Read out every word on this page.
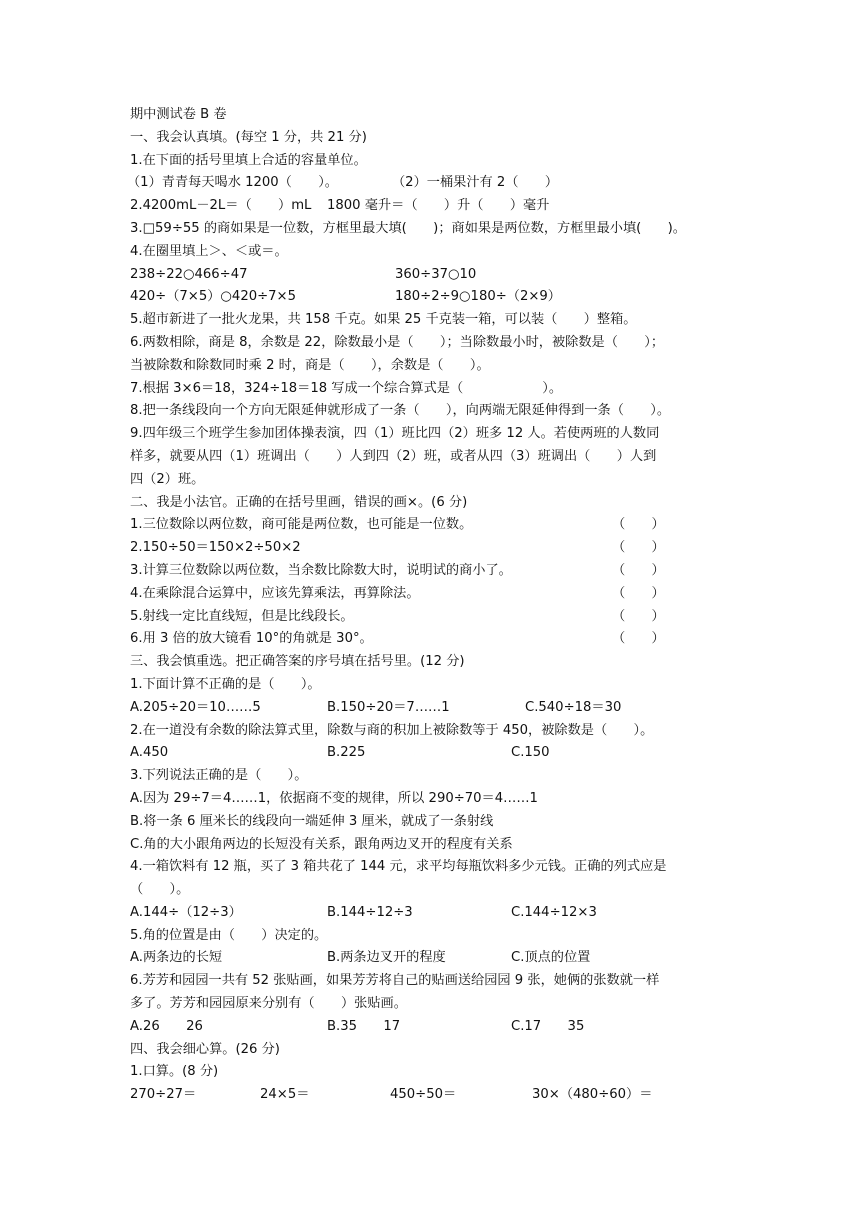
期中测试卷 B 卷
一、我会认真填。(每空 1 分，共 21 分)
1.在下面的括号里填上合适的容量单位。
（1）青青每天喝水 1200（　　）。	（2）一桶果汁有 2（　　）
2.4200mL－2L＝（　　）mL 1800 毫升＝（　　）升（　　）毫升
3.□59÷55 的商如果是一位数，方框里最大填(　　)；商如果是两位数，方框里最小填(　　)。
4.在圈里填上＞、＜或＝。
238÷22○466÷47	360÷37○10
420÷（7×5）○420÷7×5	180÷2÷9○180÷（2×9）
5.超市新进了一批火龙果，共 158 千克。如果 25 千克装一箱，可以装（　　）整箱。
6.两数相除，商是 8，余数是 22，除数最小是（　　）；当除数最小时，被除数是（　　）；
当被除数和除数同时乘 2 时，商是（　　），余数是（　　）。
7.根据 3×6＝18，324÷18＝18 写成一个综合算式是（　　　　　　）。
8.把一条线段向一个方向无限延伸就形成了一条（　　），向两端无限延伸得到一条（　　）。
9.四年级三个班学生参加团体操表演，四（1）班比四（2）班多 12 人。若使两班的人数同
样多，就要从四（1）班调出（　　）人到四（2）班，或者从四（3）班调出（　　）人到
四（2）班。
二、我是小法官。正确的在括号里画，错误的画×。(6 分)
1.三位数除以两位数，商可能是两位数，也可能是一位数。	（　　）
2.150÷50＝150×2÷50×2	（　　）
3.计算三位数除以两位数，当余数比除数大时，说明试的商小了。	（　　）
4.在乘除混合运算中，应该先算乘法，再算除法。	（　　）
5.射线一定比直线短，但是比线段长。	（　　）
6.用 3 倍的放大镜看 10°的角就是 30°。	（　　）
三、我会慎重选。把正确答案的序号填在括号里。(12 分)
1.下面计算不正确的是（　　）。
A.205÷20＝10……5	B.150÷20＝7……1	C.540÷18＝30
2.在一道没有余数的除法算式里，除数与商的积加上被除数等于 450，被除数是（　　）。
A.450	B.225	C.150
3.下列说法正确的是（　　）。
A.因为 29÷7＝4……1，依据商不变的规律，所以 290÷70＝4……1
B.将一条 6 厘米长的线段向一端延伸 3 厘米，就成了一条射线
C.角的大小跟角两边的长短没有关系，跟角两边叉开的程度有关系
4.一箱饮料有 12 瓶，买了 3 箱共花了 144 元，求平均每瓶饮料多少元钱。正确的列式应是
（　　）。
A.144÷（12÷3）	B.144÷12÷3	C.144÷12×3
5.角的位置是由（　　）决定的。
A.两条边的长短	B.两条边叉开的程度	C.顶点的位置
6.芳芳和园园一共有 52 张贴画，如果芳芳将自己的贴画送给园园 9 张，她俩的张数就一样
多了。芳芳和园园原来分别有（　　）张贴画。
A.26　　26	B.35　　17	C.17　　35
四、我会细心算。(26 分)
1.口算。(8 分)
270÷27＝	24×5＝	450÷50＝	30×（480÷60）＝
